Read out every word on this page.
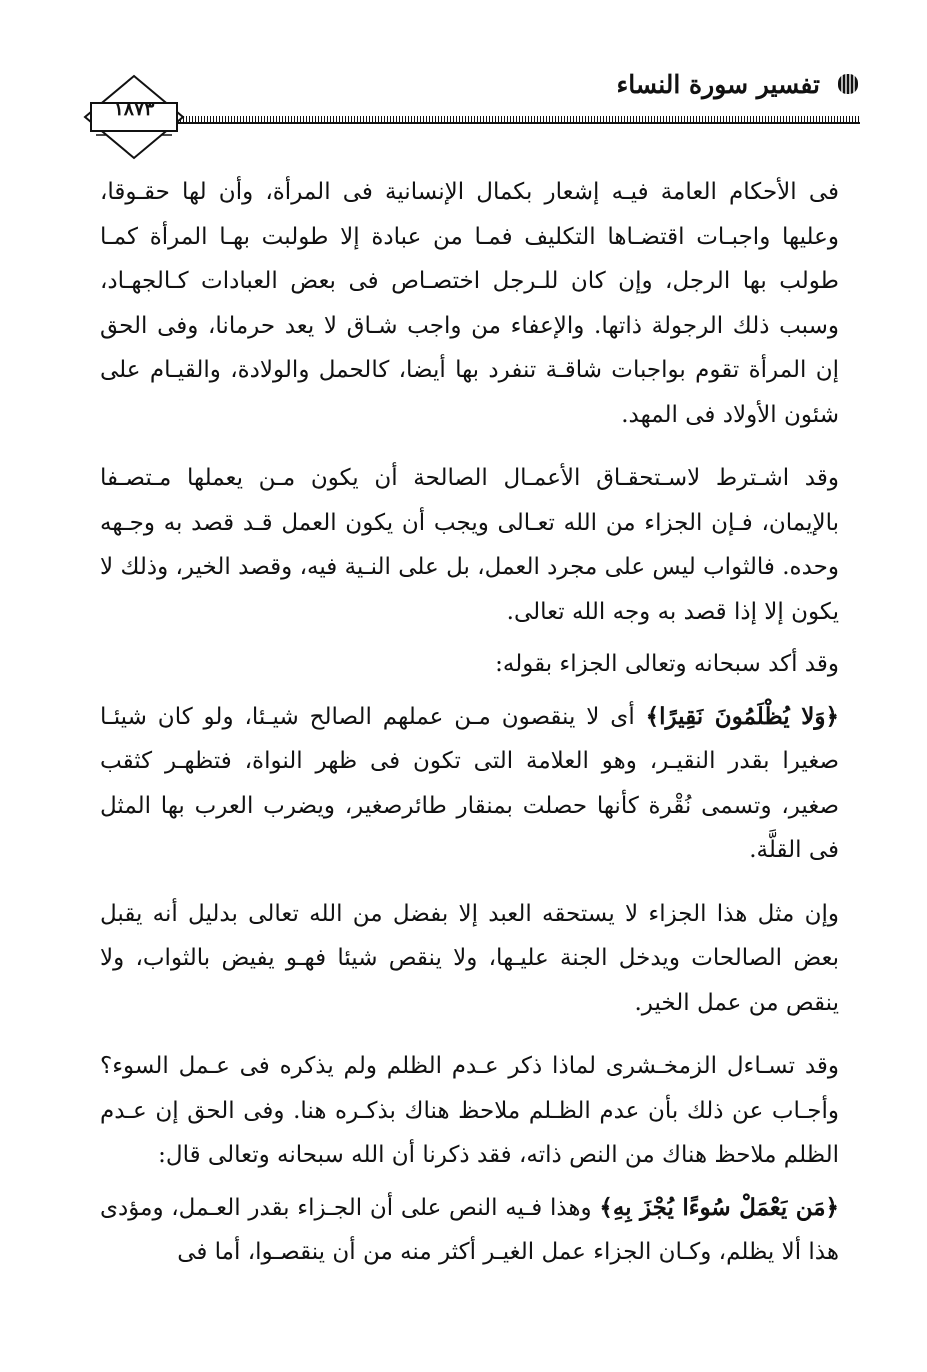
تفسير سورة النساء
١٨٧٣

فى الأحكام العامة فيـه إشعار بكمال الإنسانية فى المرأة، وأن لها حقـوقا، وعليها واجبـات اقتضـاها التكليف فمـا من عبادة إلا طولبت بهـا المرأة كمـا طولب بها الرجل، وإن كان للـرجل اختصـاص فى بعض العبادات كـالجهـاد، وسبب ذلك الرجولة ذاتها. والإعفاء من واجب شـاق لا يعد حرمانا، وفى الحق إن المرأة تقوم بواجبات شاقـة تنفرد بها أيضا، كالحمل والولادة، والقيـام على شئون الأولاد فى المهد.

وقد اشـترط لاسـتحقـاق الأعمـال الصالحة أن يكون مـن يعملها مـتصـفا بالإيمان، فـإن الجزاء من الله تعـالى ويجب أن يكون العمل قـد قصد به وجـهه وحده. فالثواب ليس على مجرد العمل، بل على النـية فيه، وقصد الخير، وذلك لا يكون إلا إذا قصد به وجه الله تعالى.

وقد أكد سبحانه وتعالى الجزاء بقوله:

﴿وَلا يُظْلَمُونَ نَقِيرًا﴾ أى لا ينقصون مـن عملهم الصالح شيـئا، ولو كان شيئـا صغيرا بقدر النقيـر، وهو العلامة التى تكون فى ظهر النواة، فتظهـر كثقب صغير، وتسمى نُقْرة كأنها حصلت بمنقار طائرصغير، ويضرب العرب بها المثل فى القلَّة.

وإن مثل هذا الجزاء لا يستحقه العبد إلا بفضل من الله تعالى بدليل أنه يقبل بعض الصالحات ويدخل الجنة عليـها، ولا ينقص شيئا فهـو يفيض بالثواب، ولا ينقص من عمل الخير.

وقد تسـاءل الزمخـشرى لماذا ذكر عـدم الظلم ولم يذكره فى عـمل السوء؟ وأجـاب عن ذلك بأن عدم الظـلم ملاحظ هناك بذكـره هنا. وفى الحق إن عـدم الظلم ملاحظ هناك من النص ذاته، فقد ذكرنا أن الله سبحانه وتعالى قال:

﴿مَن يَعْمَلْ سُوءًا يُجْزَ بِهِ﴾ وهذا فـيه النص على أن الجـزاء بقدر العـمل، ومؤدى هذا ألا يظلم، وكـان الجزاء عمل الغيـر أكثر منه من أن ينقصـوا، أما فى
